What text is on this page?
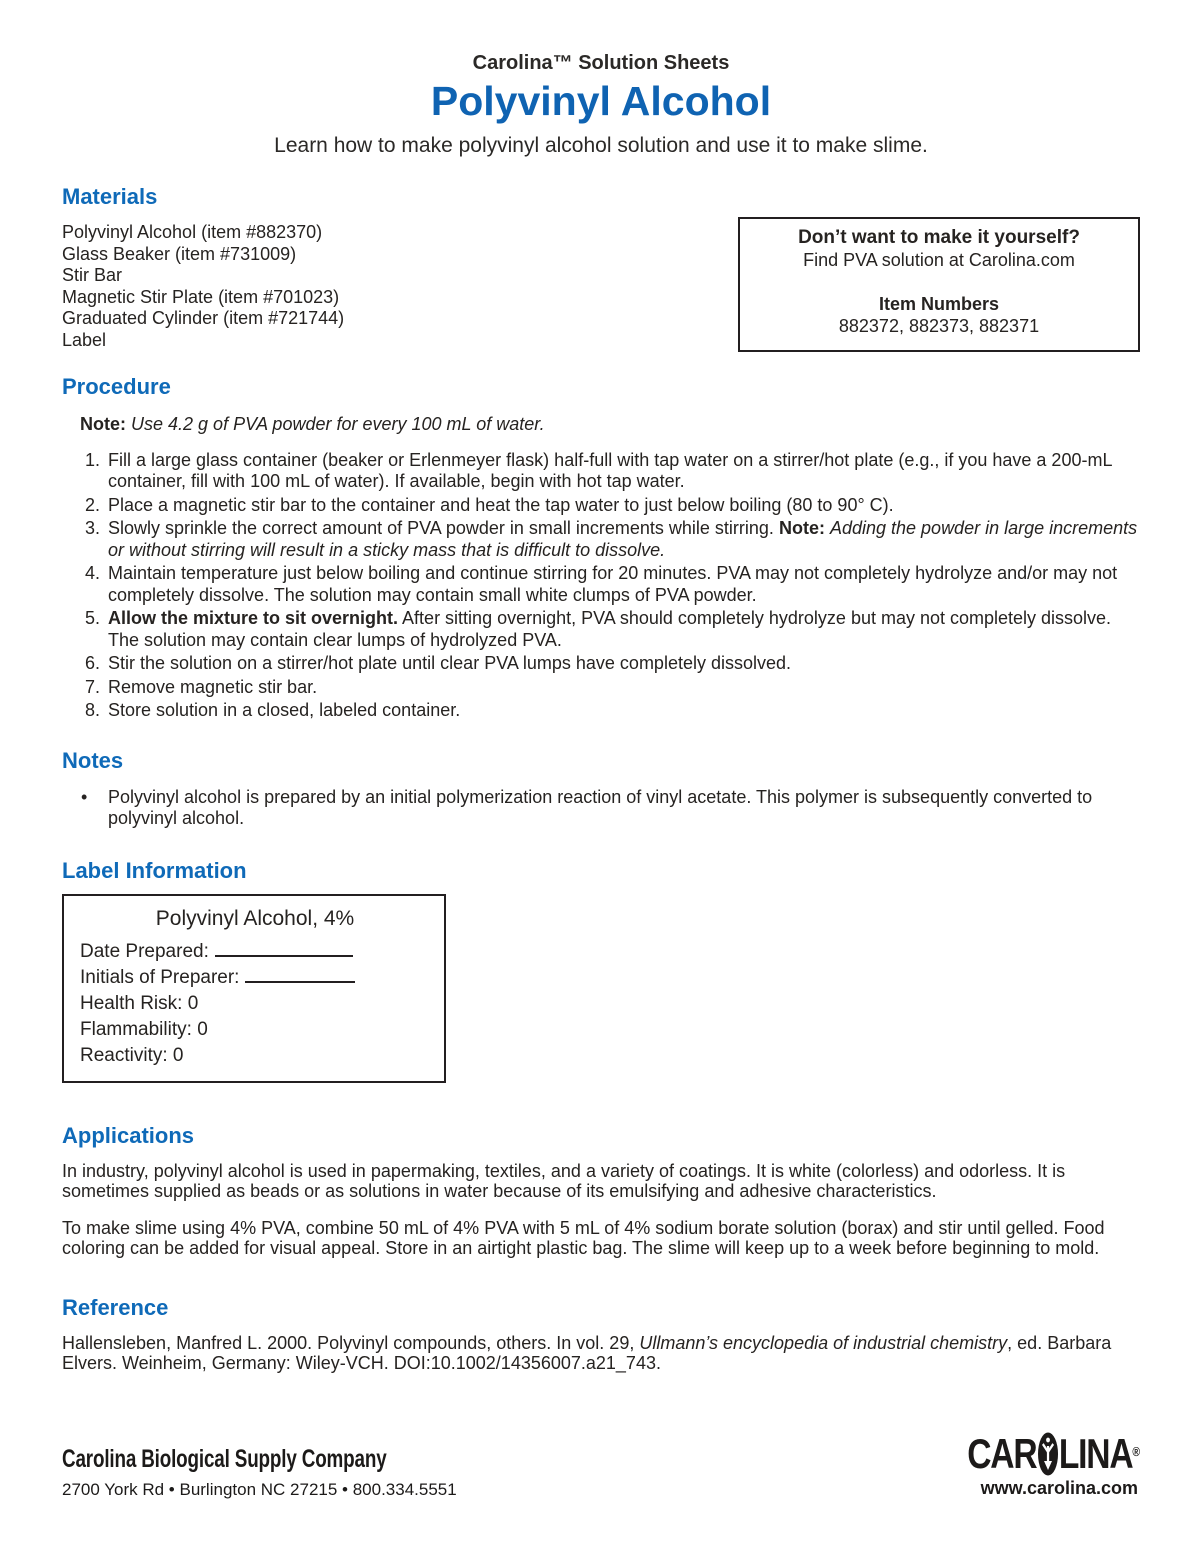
Carolina™ Solution Sheets
Polyvinyl Alcohol
Learn how to make polyvinyl alcohol solution and use it to make slime.
Materials
Polyvinyl Alcohol (item #882370)
Glass Beaker (item #731009)
Stir Bar
Magnetic Stir Plate (item #701023)
Graduated Cylinder (item #721744)
Label
Don’t want to make it yourself?
Find PVA solution at Carolina.com
Item Numbers
882372, 882373, 882371
Procedure
Note: Use 4.2 g of PVA powder for every 100 mL of water.
1. Fill a large glass container (beaker or Erlenmeyer flask) half-full with tap water on a stirrer/hot plate (e.g., if you have a 200-mL container, fill with 100 mL of water). If available, begin with hot tap water.
2. Place a magnetic stir bar to the container and heat the tap water to just below boiling (80 to 90° C).
3. Slowly sprinkle the correct amount of PVA powder in small increments while stirring. Note: Adding the powder in large increments or without stirring will result in a sticky mass that is difficult to dissolve.
4. Maintain temperature just below boiling and continue stirring for 20 minutes. PVA may not completely hydrolyze and/or may not completely dissolve. The solution may contain small white clumps of PVA powder.
5. Allow the mixture to sit overnight. After sitting overnight, PVA should completely hydrolyze but may not completely dissolve. The solution may contain clear lumps of hydrolyzed PVA.
6. Stir the solution on a stirrer/hot plate until clear PVA lumps have completely dissolved.
7. Remove magnetic stir bar.
8. Store solution in a closed, labeled container.
Notes
• Polyvinyl alcohol is prepared by an initial polymerization reaction of vinyl acetate. This polymer is subsequently converted to polyvinyl alcohol.
Label Information
Polyvinyl Alcohol, 4%
Date Prepared:
Initials of Preparer:
Health Risk: 0
Flammability: 0
Reactivity: 0
Applications

In industry, polyvinyl alcohol is used in papermaking, textiles, and a variety of coatings. It is white (colorless) and odorless. It is sometimes supplied as beads or as solutions in water because of its emulsifying and adhesive characteristics.

To make slime using 4% PVA, combine 50 mL of 4% PVA with 5 mL of 4% sodium borate solution (borax) and stir until gelled. Food coloring can be added for visual appeal. Store in an airtight plastic bag. The slime will keep up to a week before beginning to mold.

Reference

Hallensleben, Manfred L. 2000. Polyvinyl compounds, others. In vol. 29, Ullmann’s encyclopedia of industrial chemistry, ed. Barbara Elvers. Weinheim, Germany: Wiley-VCH. DOI:10.1002/14356007.a21_743.

Carolina Biological Supply Company
2700 York Rd • Burlington NC 27215 • 800.334.5551
CAR LINA ®
www.carolina.com
